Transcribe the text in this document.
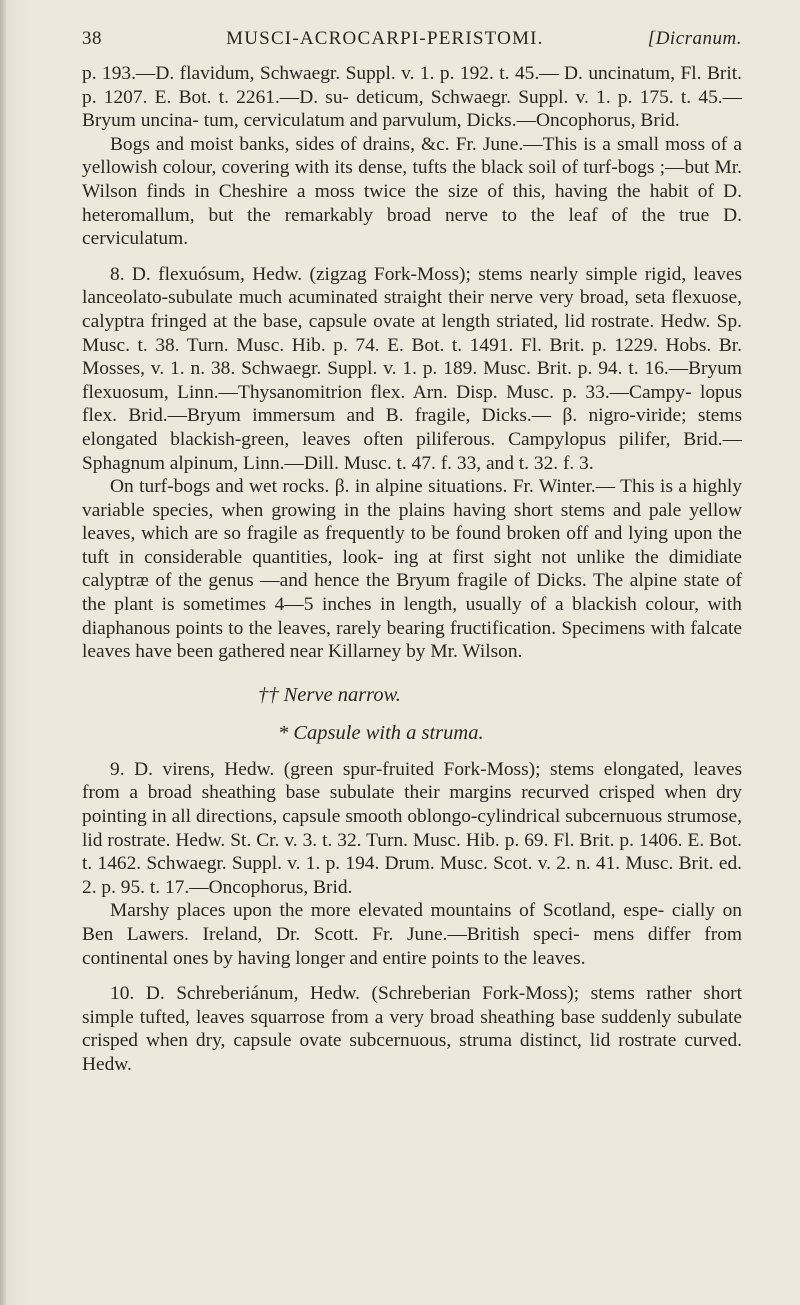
38	MUSCI-ACROCARPI-PERISTOMI.	[Dicranum.

p. 193.—D. flavidum, Schwaegr. Suppl. v. 1. p. 192. t. 45.— D. uncinatum, Fl. Brit. p. 1207. E. Bot. t. 2261.—D. su- deticum, Schwaegr. Suppl. v. 1. p. 175. t. 45.—Bryum uncina- tum, cerviculatum and parvulum, Dicks.—Oncophorus, Brid.

Bogs and moist banks, sides of drains, &c. Fr. June.—This is a small moss of a yellowish colour, covering with its dense, tufts the black soil of turf-bogs ;—but Mr. Wilson finds in Cheshire a moss twice the size of this, having the habit of D. heteromallum, but the remarkably broad nerve to the leaf of the true D. cerviculatum.

8. D. flexuósum, Hedw. (zigzag Fork-Moss); stems nearly simple rigid, leaves lanceolato-subulate much acuminated straight their nerve very broad, seta flexuose, calyptra fringed at the base, capsule ovate at length striated, lid rostrate. Hedw. Sp. Musc. t. 38. Turn. Musc. Hib. p. 74. E. Bot. t. 1491. Fl. Brit. p. 1229. Hobs. Br. Mosses, v. 1. n. 38. Schwaegr. Suppl. v. 1. p. 189. Musc. Brit. p. 94. t. 16.—Bryum flexuosum, Linn.—Thysanomitrion flex. Arn. Disp. Musc. p. 33.—Campy- lopus flex. Brid.—Bryum immersum and B. fragile, Dicks.— β. nigro-viride; stems elongated blackish-green, leaves often piliferous. Campylopus pilifer, Brid.—Sphagnum alpinum, Linn.—Dill. Musc. t. 47. f. 33, and t. 32. f. 3.

On turf-bogs and wet rocks. β. in alpine situations. Fr. Winter.— This is a highly variable species, when growing in the plains having short stems and pale yellow leaves, which are so fragile as frequently to be found broken off and lying upon the tuft in considerable quantities, look- ing at first sight not unlike the dimidiate calyptræ of the genus —and hence the Bryum fragile of Dicks. The alpine state of the plant is sometimes 4—5 inches in length, usually of a blackish colour, with diaphanous points to the leaves, rarely bearing fructification. Specimens with falcate leaves have been gathered near Killarney by Mr. Wilson.

†† Nerve narrow.
* Capsule with a struma.

9. D. virens, Hedw. (green spur-fruited Fork-Moss); stems elongated, leaves from a broad sheathing base subulate their margins recurved crisped when dry pointing in all directions, capsule smooth oblongo-cylindrical subcernuous strumose, lid rostrate. Hedw. St. Cr. v. 3. t. 32. Turn. Musc. Hib. p. 69. Fl. Brit. p. 1406. E. Bot. t. 1462. Schwaegr. Suppl. v. 1. p. 194. Drum. Musc. Scot. v. 2. n. 41. Musc. Brit. ed. 2. p. 95. t. 17.—Oncophorus, Brid.

Marshy places upon the more elevated mountains of Scotland, espe- cially on Ben Lawers. Ireland, Dr. Scott. Fr. June.—British speci- mens differ from continental ones by having longer and entire points to the leaves.

10. D. Schreberiánum, Hedw. (Schreberian Fork-Moss); stems rather short simple tufted, leaves squarrose from a very broad sheathing base suddenly subulate crisped when dry, capsule ovate subcernuous, struma distinct, lid rostrate curved. Hedw.
